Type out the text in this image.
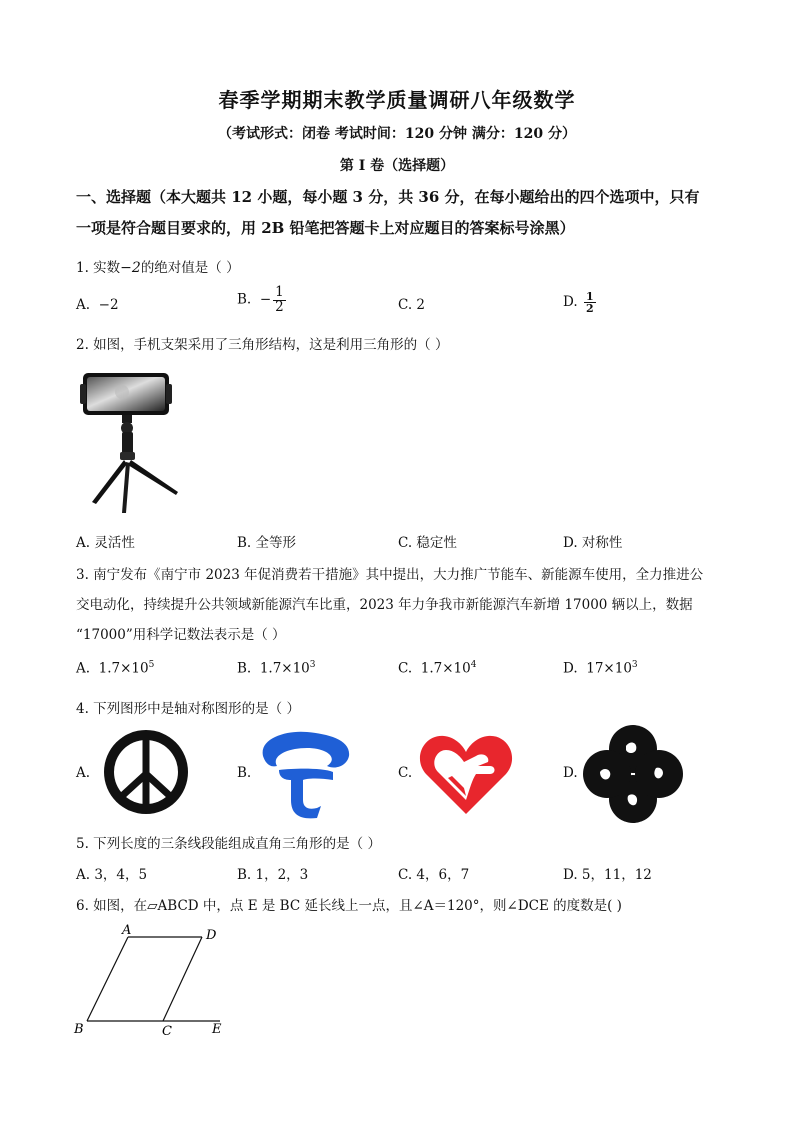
春季学期期末教学质量调研八年级数学
（考试形式：闭卷 考试时间：120 分钟 满分：120 分）
第 I 卷（选择题）
一、选择题（本大题共 12 小题，每小题 3 分，共 36 分，在每小题给出的四个选项中，只有
一项是符合题目要求的，用 2B 铅笔把答题卡上对应题目的答案标号涂黑）
1. 实数−2的绝对值是（ ）
A. −2	B. − $\frac{1}{2}$	C. 2	D. $\frac{1}{2}$
2. 如图，手机支架采用了三角形结构，这是利用三角形的（ ）
A. 灵活性	B. 全等形	C. 稳定性	D. 对称性
3. 南宁发布《南宁市 2023 年促消费若干措施》其中提出，大力推广节能车、新能源车使用，全力推进公
交电动化，持续提升公共领域新能源汽车比重，2023 年力争我市新能源汽车新增 17000 辆以上，数据
“17000”用科学记数法表示是（ ）
A. $1.7\times 10^5$	B. $1.7\times 10^3$	C. $1.7\times 10^4$	D. $17\times 10^3$
4. 下列图形中是轴对称图形的是（ ）
A.	B.	C.	D.
5. 下列长度的三条线段能组成直角三角形的是（ ）
A. 3，4，5	B. 1，2，3	C. 4，6，7	D. 5，11，12
6. 如图，在▱ABCD 中，点 E 是 BC 延长线上一点，且∠A＝120°，则∠DCE 的度数是( )
A	D
B	C	E
